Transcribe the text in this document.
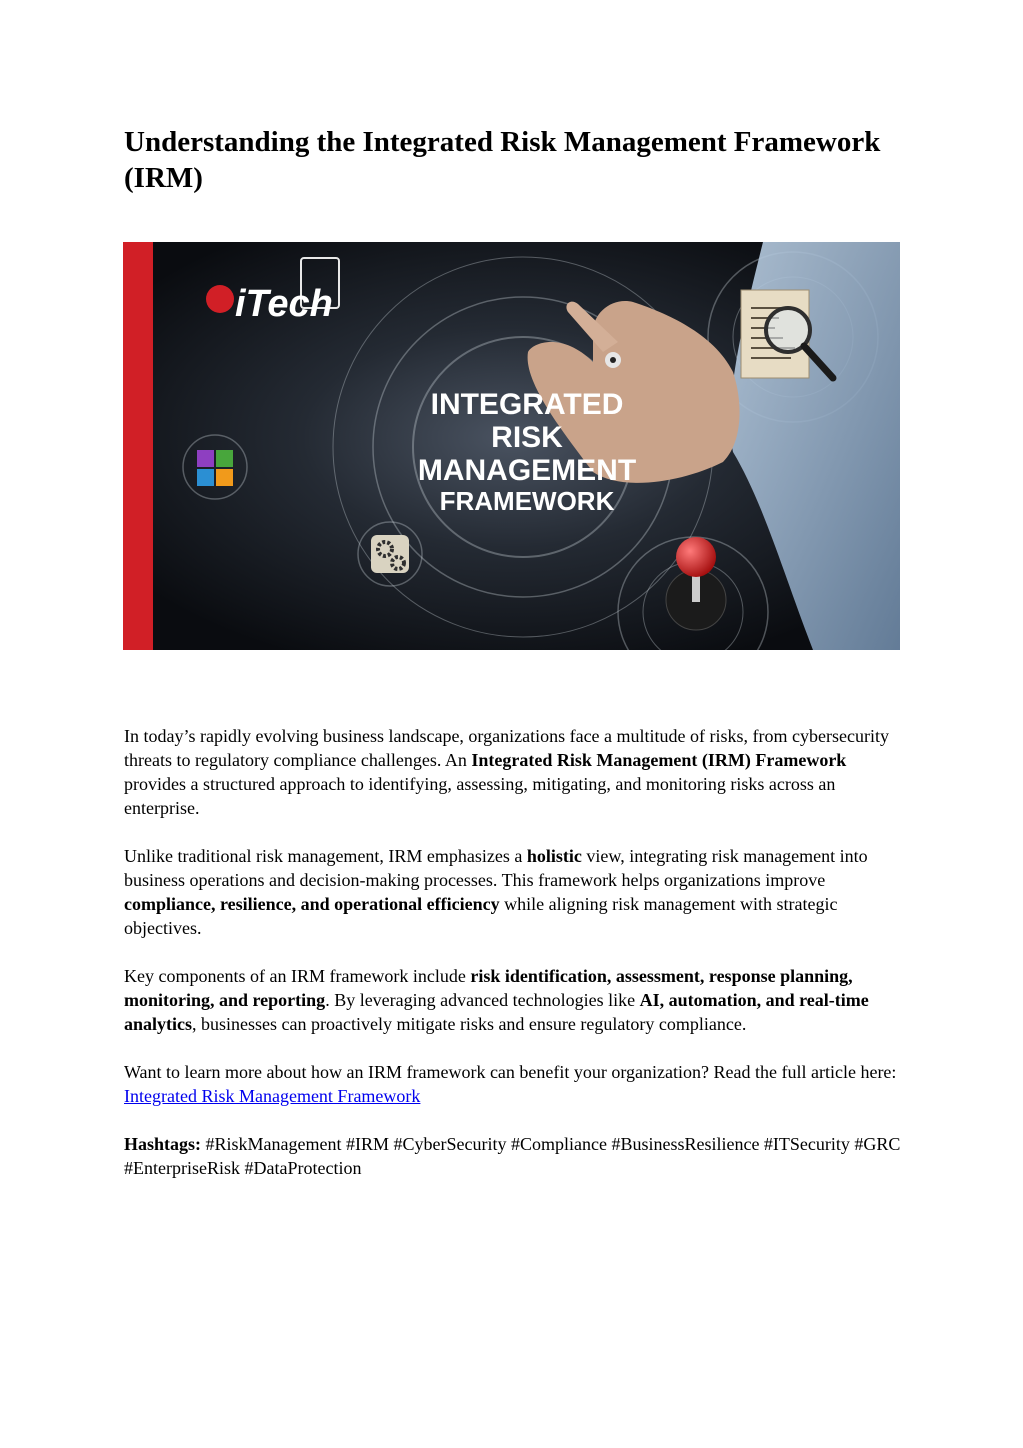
Understanding the Integrated Risk Management Framework (IRM)
iTech
INTEGRATED
RISK
MANAGEMENT
FRAMEWORK

In today’s rapidly evolving business landscape, organizations face a multitude of risks, from cybersecurity threats to regulatory compliance challenges. An Integrated Risk Management (IRM) Framework provides a structured approach to identifying, assessing, mitigating, and monitoring risks across an enterprise.

Unlike traditional risk management, IRM emphasizes a holistic view, integrating risk management into business operations and decision-making processes. This framework helps organizations improve compliance, resilience, and operational efficiency while aligning risk management with strategic objectives.

Key components of an IRM framework include risk identification, assessment, response planning, monitoring, and reporting. By leveraging advanced technologies like AI, automation, and real-time analytics, businesses can proactively mitigate risks and ensure regulatory compliance.

Want to learn more about how an IRM framework can benefit your organization? Read the full article here: Integrated Risk Management Framework

Hashtags: #RiskManagement #IRM #CyberSecurity #Compliance #BusinessResilience #ITSecurity #GRC #EnterpriseRisk #DataProtection
